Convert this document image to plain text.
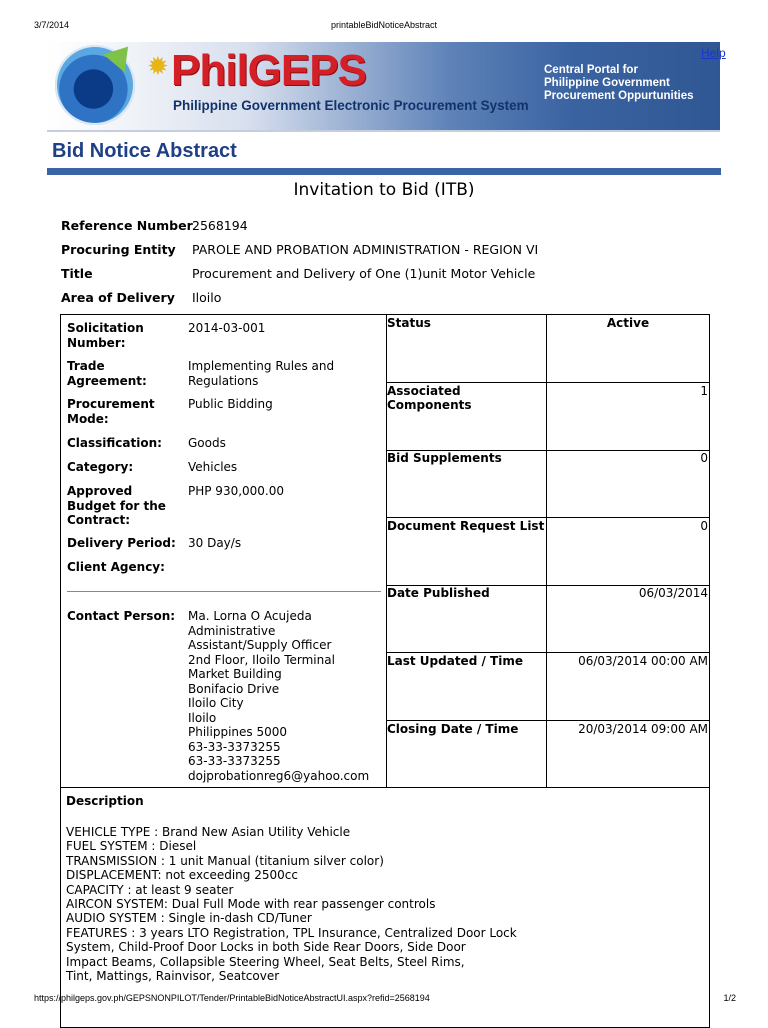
3/7/2014	printableBidNoticeAbstract
✹ PhilGEPS
Philippine Government Electronic Procurement System
Central Portal for
Philippine Government
Procurement Oppurtunities
Help
Bid Notice Abstract
Invitation to Bid (ITB)
Reference Number 2568194
Procuring Entity	PAROLE AND PROBATION ADMINISTRATION - REGION VI
Title	Procurement and Delivery of One (1)unit Motor Vehicle
Area of Delivery	Iloilo
Solicitation Number:
2014-03-001
Trade Agreement:
Implementing Rules and Regulations
Procurement Mode:
Public Bidding
Classification:	Goods
Category:	Vehicles
Approved Budget for the Contract:
PHP 930,000.00
Delivery Period:	30 Day/s
Client Agency:
Contact Person:	Ma. Lorna O Acujeda
Administrative
Assistant/Supply Officer
2nd Floor, Iloilo Terminal
Market Building
Bonifacio Drive
Iloilo City
Iloilo
Philippines 5000
63-33-3373255
63-33-3373255
dojprobationreg6@yahoo.com
Status	Active
Associated Components
1
Bid Supplements	0
Document Request List	0
Date Published	06/03/2014
Last Updated / Time	06/03/2014 00:00 AM
Closing Date / Time	20/03/2014 09:00 AM
Description
VEHICLE TYPE : Brand New Asian Utility Vehicle
FUEL SYSTEM : Diesel
TRANSMISSION : 1 unit Manual (titanium silver color)
DISPLACEMENT: not exceeding 2500cc
CAPACITY : at least 9 seater
AIRCON SYSTEM: Dual Full Mode with rear passenger controls
AUDIO SYSTEM : Single in-dash CD/Tuner
FEATURES : 3 years LTO Registration, TPL Insurance, Centralized Door Lock
System, Child-Proof Door Locks in both Side Rear Doors, Side Door
Impact Beams, Collapsible Steering Wheel, Seat Belts, Steel Rims,
Tint, Mattings, Rainvisor, Seatcover
https://philgeps.gov.ph/GEPSNONPILOT/Tender/PrintableBidNoticeAbstractUI.aspx?refid=2568194	1/2
